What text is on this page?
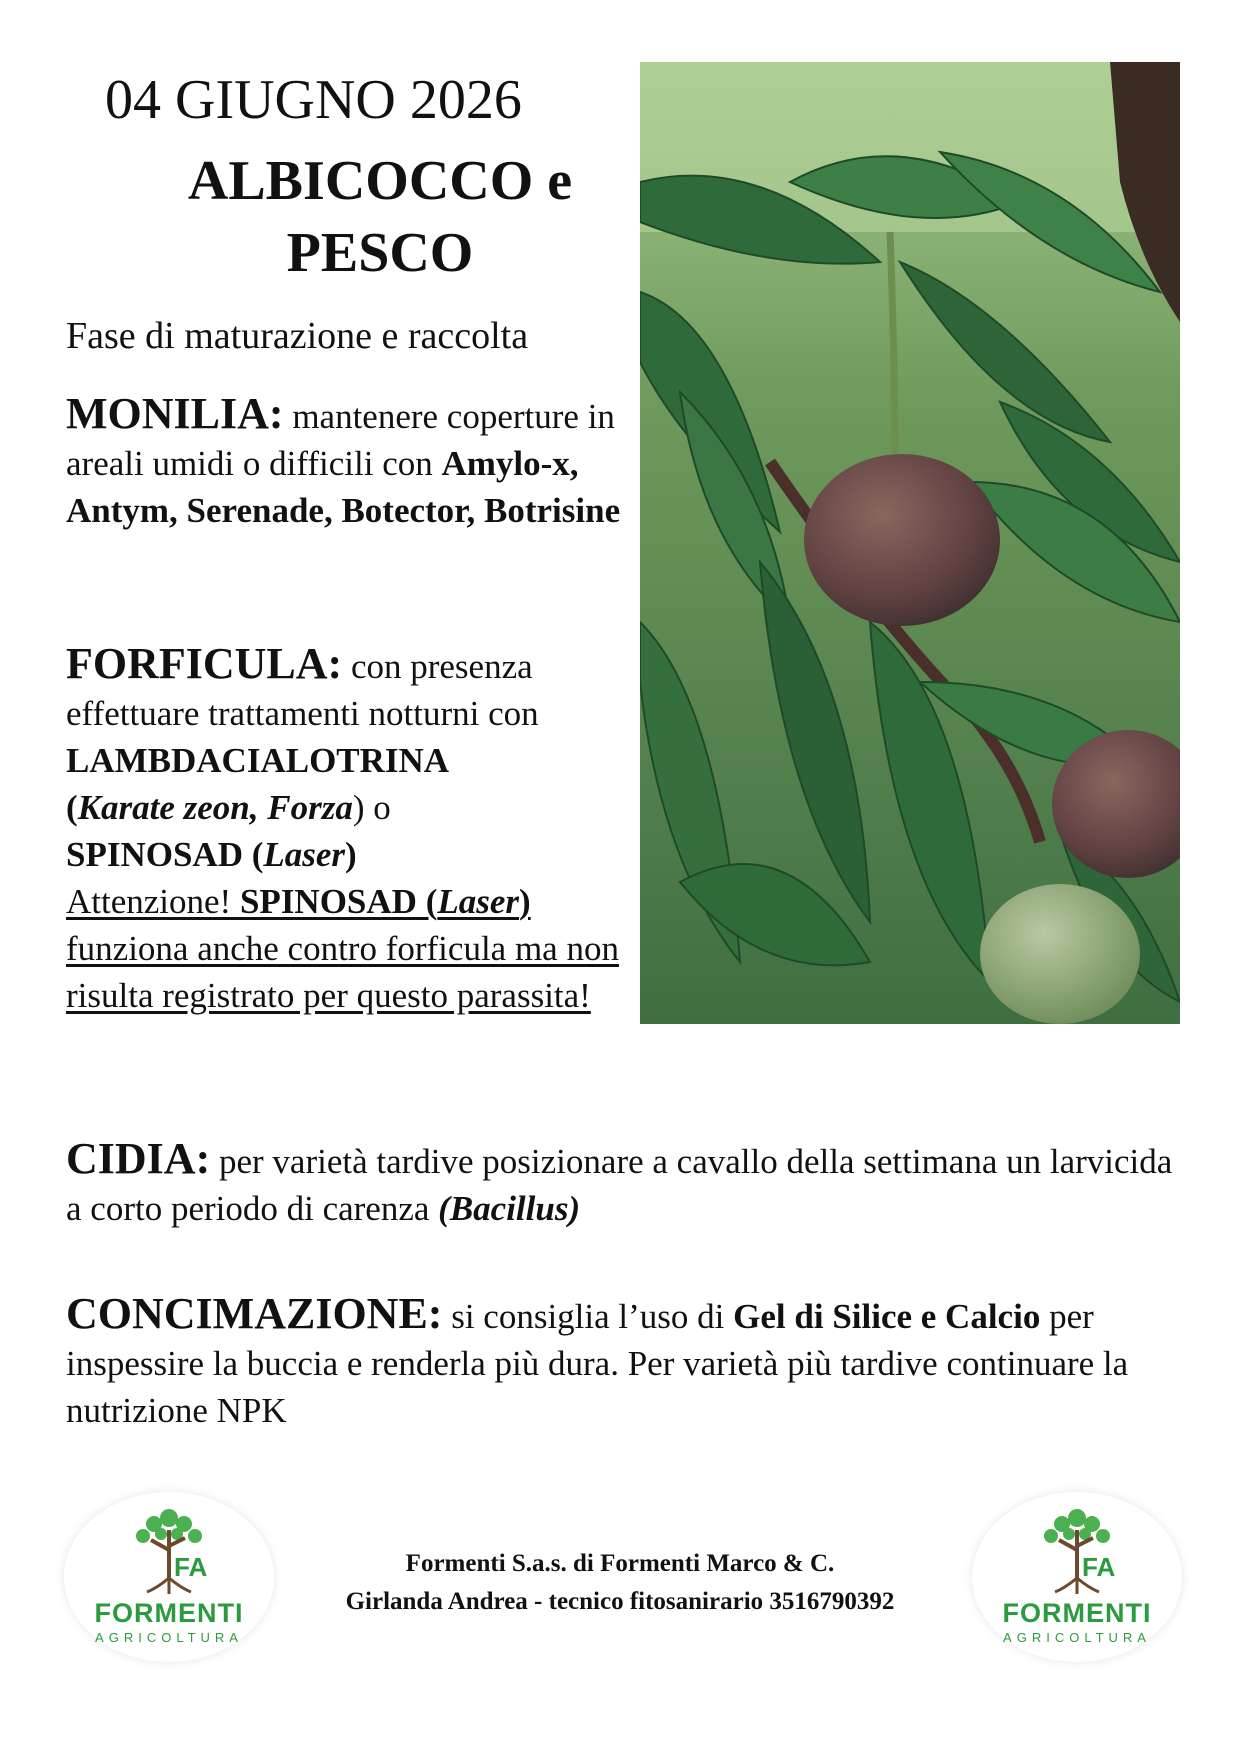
04 GIUGNO 2026
ALBICOCCO e
PESCO
Fase di maturazione e raccolta
MONILIA: mantenere coperture in areali umidi o difficili con Amylo-x, Antym, Serenade, Botector, Botrisine
FORFICULA: con presenza effettuare trattamenti notturni con
LAMBDACIALOTRINA
(Karate zeon, Forza) o
SPINOSAD (Laser)
Attenzione! SPINOSAD (Laser) funziona anche contro forficula ma non risulta registrato per questo parassita!
CIDIA: per varietà tardive posizionare a cavallo della settimana un larvicida a corto periodo di carenza (Bacillus)
CONCIMAZIONE: si consiglia l’uso di Gel di Silice e Calcio per inspessire la buccia e renderla più dura. Per varietà più tardive continuare la nutrizione NPK
Formenti S.a.s. di Formenti Marco & C.
Girlanda Andrea - tecnico fitosanirario 3516790392
FA
FORMENTI
AGRICOLTURA
FA
FORMENTI
AGRICOLTURA
